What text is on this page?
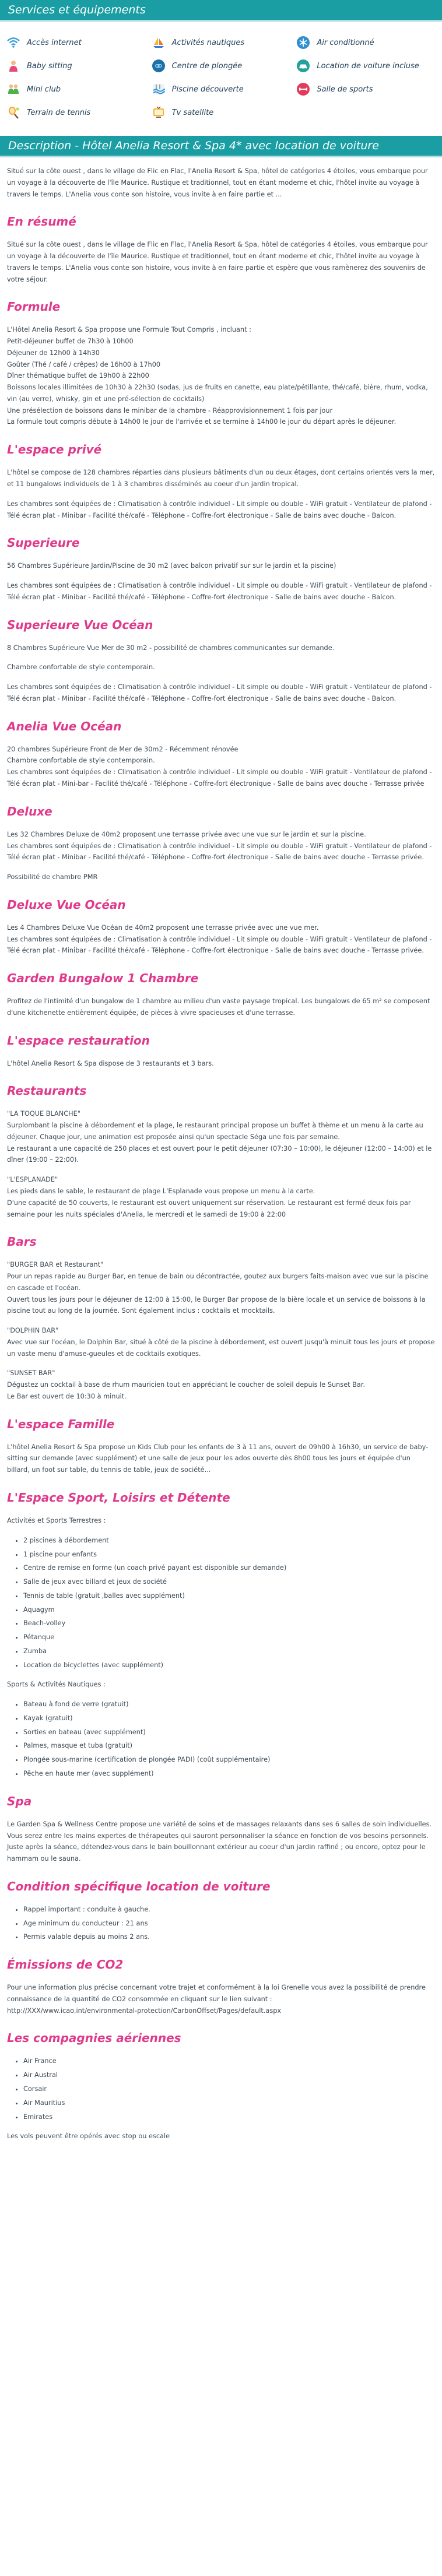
Services et équipements
Accès internet	Activités nautiques	Air conditionné
Baby sitting	Centre de plongée	Location de voiture incluse
Mini club	Piscine découverte	Salle de sports
Terrain de tennis	Tv satellite
Description - Hôtel Anelia Resort & Spa 4* avec location de voiture

Situé sur la côte ouest , dans le village de Flic en Flac, l'Anelia Resort & Spa, hôtel de catégories 4 étoiles, vous embarque pour un voyage à la découverte de l'île Maurice. Rustique et traditionnel, tout en étant moderne et chic, l'hôtel invite au voyage à travers le temps. L'Anelia vous conte son histoire, vous invite à en faire partie et ...

En résumé

Situé sur la côte ouest , dans le village de Flic en Flac, l'Anelia Resort & Spa, hôtel de catégories 4 étoiles, vous embarque pour un voyage à la découverte de l'île Maurice. Rustique et traditionnel, tout en étant moderne et chic, l'hôtel invite au voyage à travers le temps. L'Anelia vous conte son histoire, vous invite à en faire partie et espère que vous ramènerez des souvenirs de votre séjour.

Formule

L'Hôtel Anelia Resort & Spa propose une Formule Tout Compris , incluant :
Petit-déjeuner buffet de 7h30 à 10h00
Déjeuner de 12h00 à 14h30
Goûter (Thé / café / crêpes) de 16h00 à 17h00
Dîner thématique buffet de 19h00 à 22h00
Boissons locales illimitées de 10h30 à 22h30 (sodas, jus de fruits en canette, eau plate/pétillante, thé/café, bière, rhum, vodka, vin (au verre), whisky, gin et une pré-sélection de cocktails)
Une présélection de boissons dans le minibar de la chambre - Réapprovisionnement 1 fois par jour
La formule tout compris débute à 14h00 le jour de l'arrivée et se termine à 14h00 le jour du départ après le déjeuner.

L'espace privé

L'hôtel se compose de 128 chambres réparties dans plusieurs bâtiments d'un ou deux étages, dont certains orientés vers la mer, et 11 bungalows individuels de 1 à 3 chambres disséminés au coeur d'un jardin tropical.

Les chambres sont équipées de : Climatisation à contrôle individuel - Lit simple ou double - WiFi gratuit - Ventilateur de plafond - Télé écran plat - Minibar - Facilité thé/café - Téléphone - Coffre-fort électronique - Salle de bains avec douche - Balcon.

Superieure

56 Chambres Supérieure Jardin/Piscine de 30 m2 (avec balcon privatif sur sur le jardin et la piscine)

Les chambres sont équipées de : Climatisation à contrôle individuel - Lit simple ou double - WiFi gratuit - Ventilateur de plafond - Télé écran plat - Minibar - Facilité thé/café - Téléphone - Coffre-fort électronique - Salle de bains avec douche - Balcon.

Superieure Vue Océan

8 Chambres Supérieure Vue Mer de 30 m2 - possibilité de chambres communicantes sur demande.

Chambre confortable de style contemporain.

Les chambres sont équipées de : Climatisation à contrôle individuel - Lit simple ou double - WiFi gratuit - Ventilateur de plafond - Télé écran plat - Minibar - Facilité thé/café - Téléphone - Coffre-fort électronique - Salle de bains avec douche - Balcon.

Anelia Vue Océan

20 chambres Supérieure Front de Mer de 30m2 - Récemment rénovée
Chambre confortable de style contemporain.
Les chambres sont équipées de : Climatisation à contrôle individuel - Lit simple ou double - WiFi gratuit - Ventilateur de plafond - Télé écran plat - Mini-bar - Facilité thé/café - Téléphone - Coffre-fort électronique - Salle de bains avec douche - Terrasse privée

Deluxe

Les 32 Chambres Deluxe de 40m2 proposent une terrasse privée avec une vue sur le jardin et sur la piscine.
Les chambres sont équipées de : Climatisation à contrôle individuel - Lit simple ou double - WiFi gratuit - Ventilateur de plafond - Télé écran plat - Minibar - Facilité thé/café - Téléphone - Coffre-fort électronique - Salle de bains avec douche - Terrasse privée.

Possibilité de chambre PMR

Deluxe Vue Océan

Les 4 Chambres Deluxe Vue Océan de 40m2 proposent une terrasse privée avec une vue mer.
Les chambres sont équipées de : Climatisation à contrôle individuel - Lit simple ou double - WiFi gratuit - Ventilateur de plafond - Télé écran plat - Minibar - Facilité thé/café - Téléphone - Coffre-fort électronique - Salle de bains avec douche - Terrasse privée.

Garden Bungalow 1 Chambre

Profitez de l'intimité d'un bungalow de 1 chambre au milieu d'un vaste paysage tropical. Les bungalows de 65 m² se composent d'une kitchenette entièrement équipée, de pièces à vivre spacieuses et d'une terrasse.

L'espace restauration

L'hôtel Anelia Resort & Spa dispose de 3 restaurants et 3 bars.

Restaurants

"LA TOQUE BLANCHE"
Surplombant la piscine à débordement et la plage, le restaurant principal propose un buffet à thème et un menu à la carte au déjeuner. Chaque jour, une animation est proposée ainsi qu'un spectacle Séga une fois par semaine.
Le restaurant a une capacité de 250 places et est ouvert pour le petit déjeuner (07:30 – 10:00), le déjeuner (12:00 – 14:00) et le dîner (19:00 – 22:00).

"L'ESPLANADE"
Les pieds dans le sable, le restaurant de plage L'Esplanade vous propose un menu à la carte.
D'une capacité de 50 couverts, le restaurant est ouvert uniquement sur réservation. Le restaurant est fermé deux fois par semaine pour les nuits spéciales d'Anelia, le mercredi et le samedi de 19:00 à 22:00

Bars

"BURGER BAR et Restaurant"
Pour un repas rapide au Burger Bar, en tenue de bain ou décontractée, goutez aux burgers faits-maison avec vue sur la piscine en cascade et l'océan.
Ouvert tous les jours pour le déjeuner de 12:00 à 15:00, le Burger Bar propose de la bière locale et un service de boissons à la piscine tout au long de la journée. Sont également inclus : cocktails et mocktails.

"DOLPHIN BAR"
Avec vue sur l'océan, le Dolphin Bar, situé à côté de la piscine à débordement, est ouvert jusqu'à minuit tous les jours et propose un vaste menu d'amuse-gueules et de cocktails exotiques.

"SUNSET BAR"
Dégustez un cocktail à base de rhum mauricien tout en appréciant le coucher de soleil depuis le Sunset Bar.
Le Bar est ouvert de 10:30 à minuit.

L'espace Famille

L'hôtel Anelia Resort & Spa propose un Kids Club pour les enfants de 3 à 11 ans, ouvert de 09h00 à 16h30, un service de baby-sitting sur demande (avec supplément) et une salle de jeux pour les ados ouverte dès 8h00 tous les jours et équipée d'un billard, un foot sur table, du tennis de table, jeux de société...

L'Espace Sport, Loisirs et Détente

Activités et Sports Terrestres :

• 2 piscines à débordement
• 1 piscine pour enfants
• Centre de remise en forme (un coach privé payant est disponible sur demande)
• Salle de jeux avec billard et jeux de société
• Tennis de table (gratuit ,balles avec supplément)
• Aquagym
• Beach-volley
• Pétanque
• Zumba
• Location de bicyclettes (avec supplément)

Sports & Activités Nautiques :

• Bateau à fond de verre (gratuit)
• Kayak (gratuit)
• Sorties en bateau (avec supplément)
• Palmes, masque et tuba (gratuit)
• Plongée sous-marine (certification de plongée PADI) (coût supplémentaire)
• Pêche en haute mer (avec supplément)
Spa

Le Garden Spa & Wellness Centre propose une variété de soins et de massages relaxants dans ses 6 salles de soin individuelles. Vous serez entre les mains expertes de thérapeutes qui sauront personnaliser la séance en fonction de vos besoins personnels.
Juste après la séance, détendez-vous dans le bain bouillonnant extérieur au coeur d'un jardin raffiné ; ou encore, optez pour le hammam ou le sauna.

Condition spécifique location de voiture
• Rappel important : conduite à gauche.
• Age minimum du conducteur : 21 ans
• Permis valable depuis au moins 2 ans.
Émissions de CO2

Pour une information plus précise concernant votre trajet et conformément à la loi Grenelle vous avez la possibilité de prendre connaissance de la quantité de CO2 consommée en cliquant sur le lien suivant :
http://XXX/www.icao.int/environmental-protection/CarbonOffset/Pages/default.aspx

Les compagnies aériennes
• Air France
• Air Austral
• Corsair
• Air Mauritius
• Emirates

Les vols peuvent être opérés avec stop ou escale
